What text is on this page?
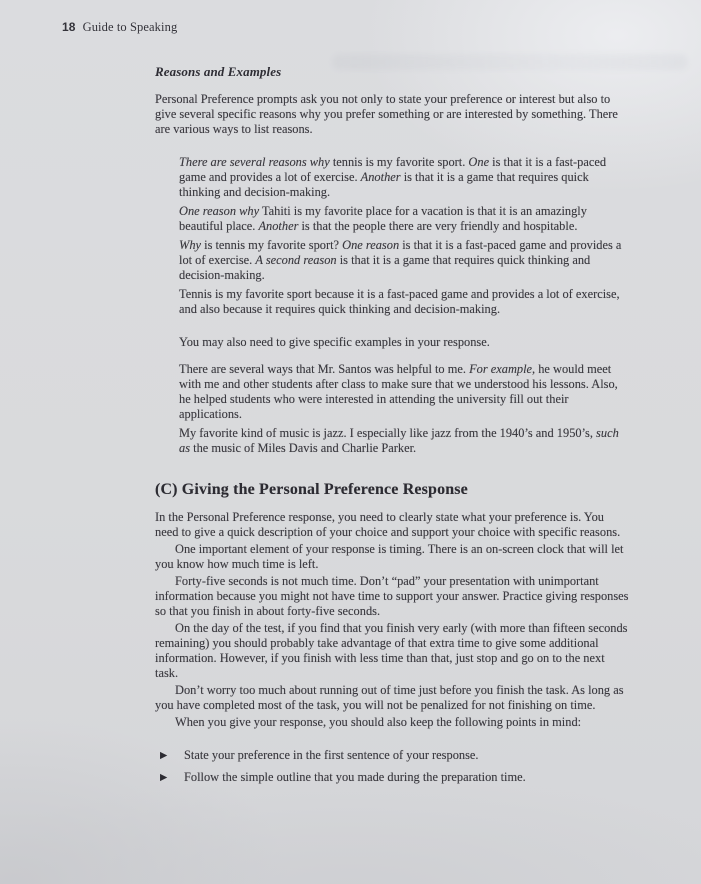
18 Guide to Speaking
Reasons and Examples

Personal Preference prompts ask you not only to state your preference or interest but also to give several specific reasons why you prefer something or are interested by something. There are various ways to list reasons.

There are several reasons why tennis is my favorite sport. One is that it is a fast-paced game and provides a lot of exercise. Another is that it is a game that requires quick thinking and decision-making.

One reason why Tahiti is my favorite place for a vacation is that it is an amazingly beautiful place. Another is that the people there are very friendly and hospitable.

Why is tennis my favorite sport? One reason is that it is a fast-paced game and provides a lot of exercise. A second reason is that it is a game that requires quick thinking and decision-making.

Tennis is my favorite sport because it is a fast-paced game and provides a lot of exercise, and also because it requires quick thinking and decision-making.

You may also need to give specific examples in your response.

There are several ways that Mr. Santos was helpful to me. For example, he would meet with me and other students after class to make sure that we understood his lessons. Also, he helped students who were interested in attending the university fill out their applications.

My favorite kind of music is jazz. I especially like jazz from the 1940’s and 1950’s, such as the music of Miles Davis and Charlie Parker.

(C) Giving the Personal Preference Response

In the Personal Preference response, you need to clearly state what your preference is. You need to give a quick description of your choice and support your choice with specific reasons.

One important element of your response is timing. There is an on-screen clock that will let you know how much time is left.

Forty-five seconds is not much time. Don’t “pad” your presentation with unimportant information because you might not have time to support your answer. Practice giving responses so that you finish in about forty-five seconds.

On the day of the test, if you find that you finish very early (with more than fifteen seconds remaining) you should probably take advantage of that extra time to give some additional information. However, if you finish with less time than that, just stop and go on to the next task.

Don’t worry too much about running out of time just before you finish the task. As long as you have completed most of the task, you will not be penalized for not finishing on time.

When you give your response, you should also keep the following points in mind:

▶	State your preference in the first sentence of your response.
▶	Follow the simple outline that you made during the preparation time.
